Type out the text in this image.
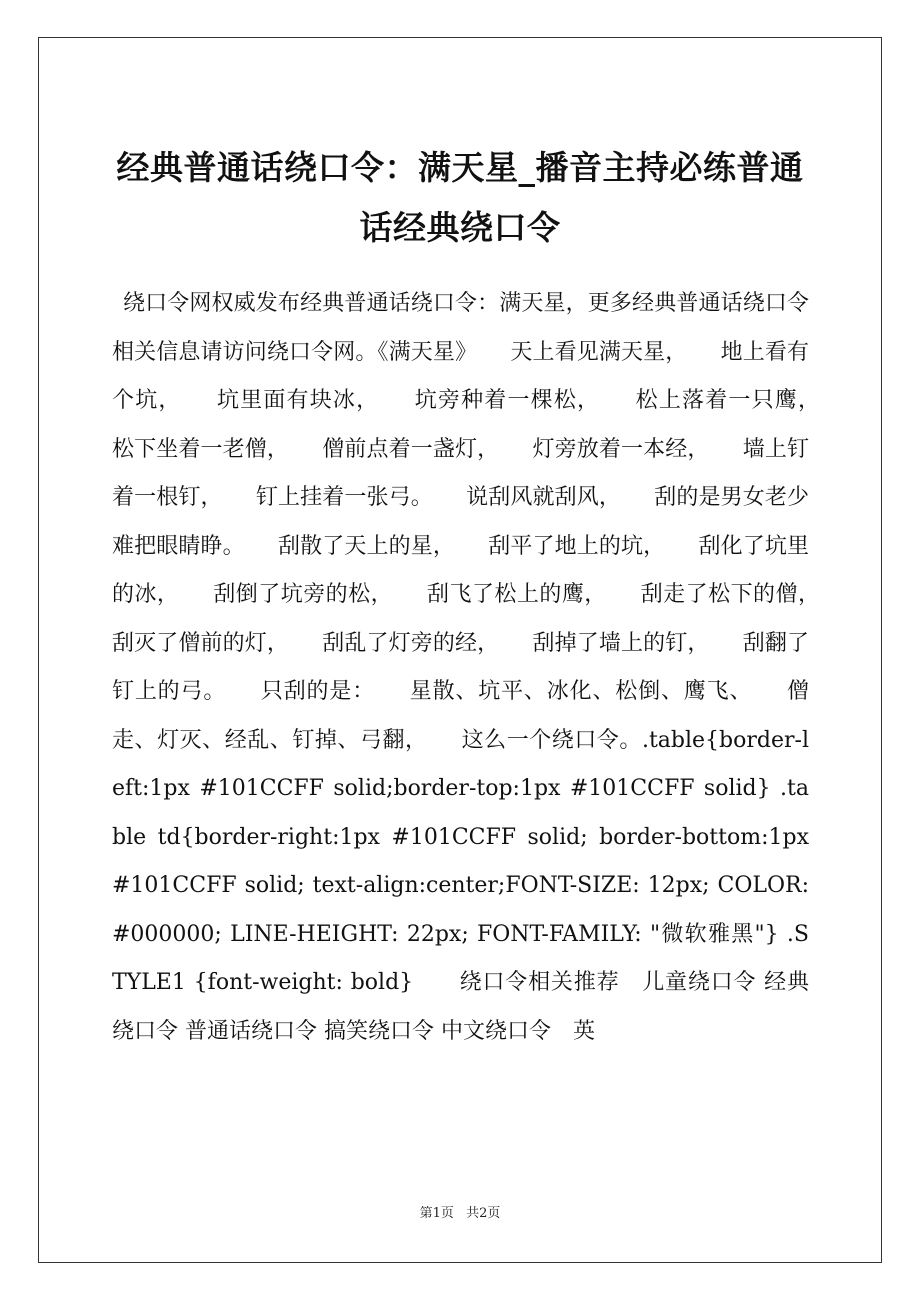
经典普通话绕口令：满天星_播音主持必练普通话经典绕口令

绕口令网权威发布经典普通话绕口令：满天星，更多经典普通话绕口令相关信息请访问绕口令网。《满天星》　　天上看见满天星，　　地上看有个坑，　　坑里面有块冰，　　坑旁种着一棵松，　　松上落着一只鹰，　　松下坐着一老僧，　　僧前点着一盏灯，　　灯旁放着一本经，　　墙上钉着一根钉，　　钉上挂着一张弓。　　说刮风就刮风，　　刮的是男女老少难把眼睛睁。　　刮散了天上的星，　　刮平了地上的坑，　　刮化了坑里的冰，　　刮倒了坑旁的松，　　刮飞了松上的鹰，　　刮走了松下的僧，　　刮灭了僧前的灯，　　刮乱了灯旁的经，　　刮掉了墙上的钉，　　刮翻了钉上的弓。　　只刮的是：　　星散、坑平、冰化、松倒、鹰飞、　　僧走、灯灭、经乱、钉掉、弓翻，　　这么一个绕口令。.table{border-left:1px #101CCFF solid;border-top:1px #101CCFF solid} .table td{border-right:1px #101CCFF solid; border-bottom:1px #101CCFF solid; text-align:center;FONT-SIZE: 12px; COLOR: #000000; LINE-HEIGHT: 22px; FONT-FAMILY: "微软雅黑"} .STYLE1 {font-weight: bold}　　绕口令相关推荐　儿童绕口令 经典绕口令 普通话绕口令 搞笑绕口令 中文绕口令　英

第1页 共2页
